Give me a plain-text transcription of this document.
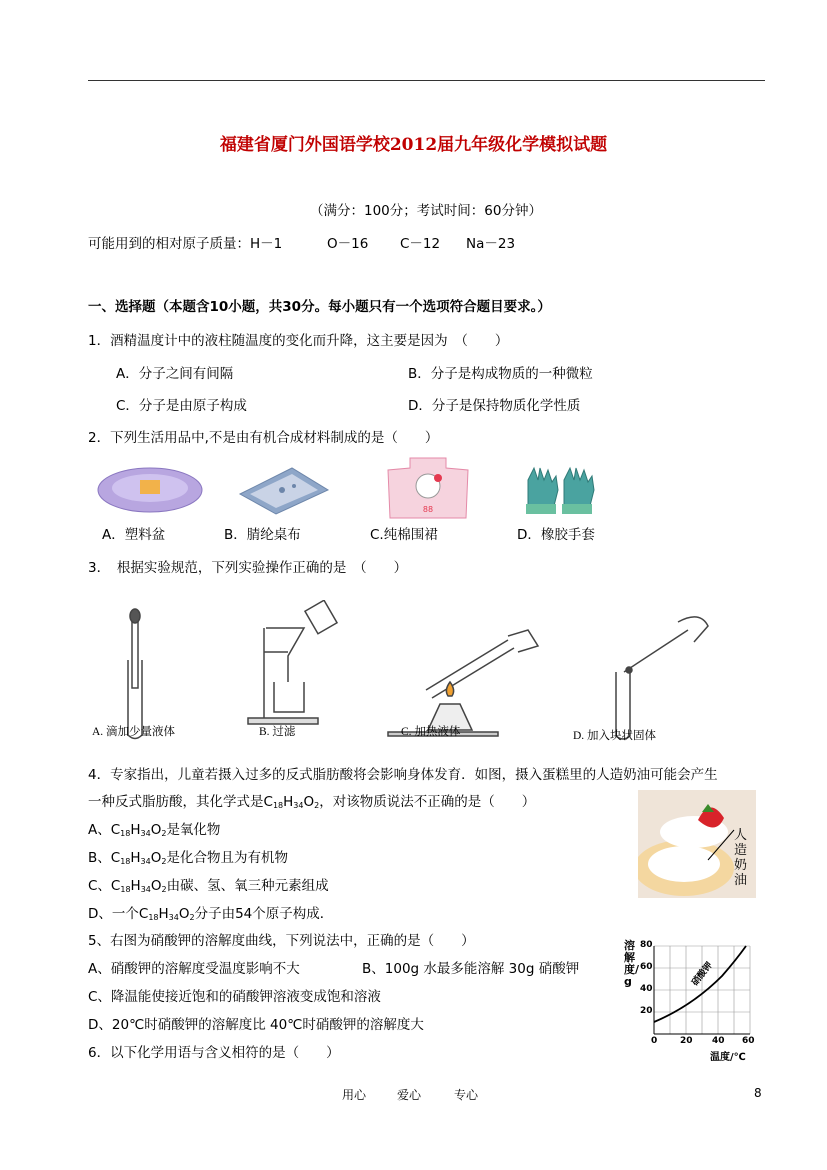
福建省厦门外国语学校2012届九年级化学模拟试题
（满分：100分；考试时间：60分钟）
可能用到的相对原子质量：H－1	O－16 C－12 Na－23
一、选择题（本题含10小题，共30分。每小题只有一个选项符合题目要求。）
1．酒精温度计中的液柱随温度的变化而升降，这主要是因为　（　　）
A．分子之间有间隔	B．分子是构成物质的一种微粒
C．分子是由原子构成	D．分子是保持物质化学性质
2．下列生活用品中,不是由有机合成材料制成的是（　　）
88
A．塑料盆	B．腈纶桌布	C.纯棉围裙	D．橡胶手套
3．　根据实验规范，下列实验操作正确的是　（　　）
A. 滴加少量液体	B. 过滤	C. 加热液体	D. 加入块状固体
4．专家指出，儿童若摄入过多的反式脂肪酸将会影响身体发育．如图，摄入蛋糕里的人造奶油可能会产生
一种反式脂肪酸，其化学式是$C_{18}H_{34}O_2$，对该物质说法不正确的是（　　）
A、$C_{18}H_{34}O_2$是氧化物
B、$C_{18}H_{34}O_2$是化合物且为有机物
C、$C_{18}H_{34}O_2$由碳、氢、氧三种元素组成
D、一个$C_{18}H_{34}O_2$分子由54个原子构成．
人造奶油
5、右图为硝酸钾的溶解度曲线，下列说法中，正确的是（　　）
A、硝酸钾的溶解度受温度影响不大	B、100g 水最多能溶解 30g 硝酸钾
C、降温能使接近饱和的硝酸钾溶液变成饱和溶液
D、20℃时硝酸钾的溶解度比 40℃时硝酸钾的溶解度大
溶解度/g
80
60
40
20
0	20 40 60
温度/℃
硝酸钾
6．以下化学用语与含义相符的是（　　）
用心	爱心	专心	8
